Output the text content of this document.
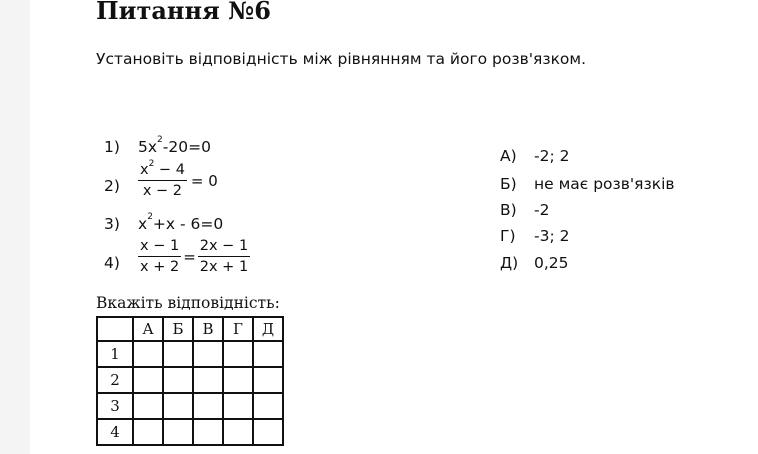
Питання №6
Установіть відповідність між рівнянням та його розв'язком.
1) $5x^2-20=0$
$2) \frac{x^2 - 4}{x - 2} = 0$
3) $x^2+x - 6=0$
$4) \frac{x - 1}{x + 2} = \frac{2x - 1}{2x + 1}$
А) -2; 2
Б) не має розв'язків
В) -2
Г) -3; 2
Д) 0,25
Вкажіть відповідність:
	А	Б	В	Г	Д
1					
2					
3					
4					
